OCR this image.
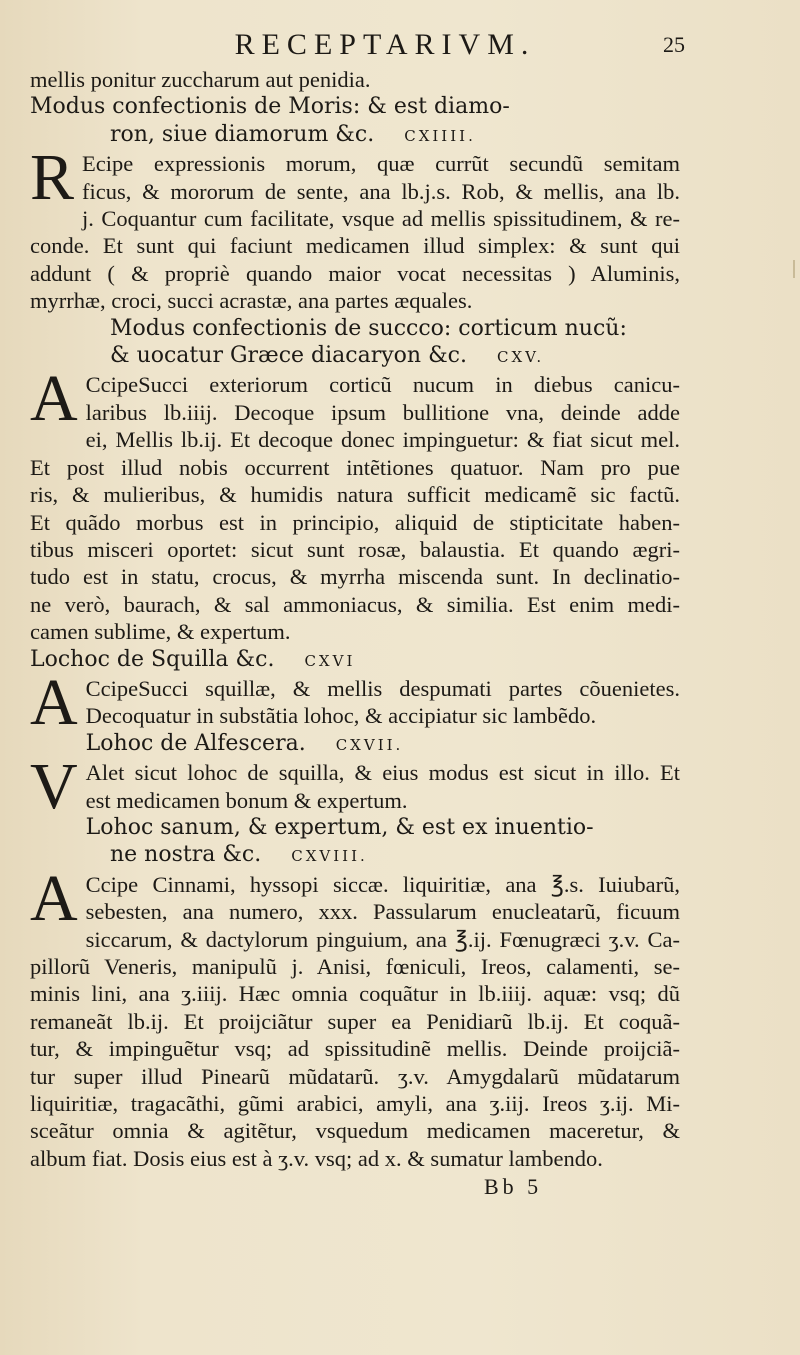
RECEPTARIVM.	25
mellis ponitur zuccharum aut penidia.
Modus confectionis de Moris: & est diamo-
ron, siue diamorum &c. CXIIII.
R Ecipe expressionis morum, quæ currũt secundũ semitam
ficus, & mororum de sente, ana lb.j.s. Rob, & mellis, ana lb.
j. Coquantur cum facilitate, vsque ad mellis spissitudinem, & re-
conde. Et sunt qui faciunt medicamen illud simplex: & sunt qui
addunt ( & propriè quando maior vocat necessitas ) Aluminis,
myrrhæ, croci, succi acrastæ, ana partes æquales.
Modus confectionis de succco: corticum nucũ:
& uocatur Græce diacaryon &c. CXV.
A CcipeSucci exteriorum corticũ nucum in diebus canicu-
laribus lb.iiij. Decoque ipsum bullitione vna, deinde adde
ei, Mellis lb.ij. Et decoque donec impinguetur: & fiat sicut mel.
Et post illud nobis occurrent intẽtiones quatuor. Nam pro pue
ris, & mulieribus, & humidis natura sufficit medicamẽ sic factũ.
Et quãdo morbus est in principio, aliquid de stipticitate haben-
tibus misceri oportet: sicut sunt rosæ, balaustia. Et quando ægri-
tudo est in statu, crocus, & myrrha miscenda sunt. In declinatio-
ne verò, baurach, & sal ammoniacus, & similia. Est enim medi-
camen sublime, & expertum.
Lochoc de Squilla &c. CXVI
A CcipeSucci squillæ, & mellis despumati partes cõuenietes.
Decoquatur in substãtia lohoc, & accipiatur sic lambẽdo.
Lohoc de Alfescera. CXVII.
V Alet sicut lohoc de squilla, & eius modus est sicut in illo. Et
est medicamen bonum & expertum.
Lohoc sanum, & expertum, & est ex inuentio-
ne nostra &c. CXVIII.
A Ccipe Cinnami, hyssopi siccæ. liquiritiæ, ana ℥.s. Iuiubarũ,
sebesten, ana numero, xxx. Passularum enucleatarũ, ficuum
siccarum, & dactylorum pinguium, ana ℥.ij. Fœnugræci ʒ.v. Ca-
pillorũ Veneris, manipulũ j. Anisi, fœniculi, Ireos, calamenti, se-
minis lini, ana ʒ.iiij. Hæc omnia coquãtur in lb.iiij. aquæ: vsq; dũ
remaneãt lb.ij. Et proijciãtur super ea Penidiarũ lb.ij. Et coquã-
tur, & impinguẽtur vsq; ad spissitudinẽ mellis. Deinde proijciã-
tur super illud Pinearũ mũdatarũ. ʒ.v. Amygdalarũ mũdatarum
liquiritiæ, tragacãthi, gũmi arabici, amyli, ana ʒ.iij. Ireos ʒ.ij. Mi-
sceãtur omnia & agitẽtur, vsquedum medicamen maceretur, &
album fiat. Dosis eius est à ʒ.v. vsq; ad x. & sumatur lambendo.
Bb 5
